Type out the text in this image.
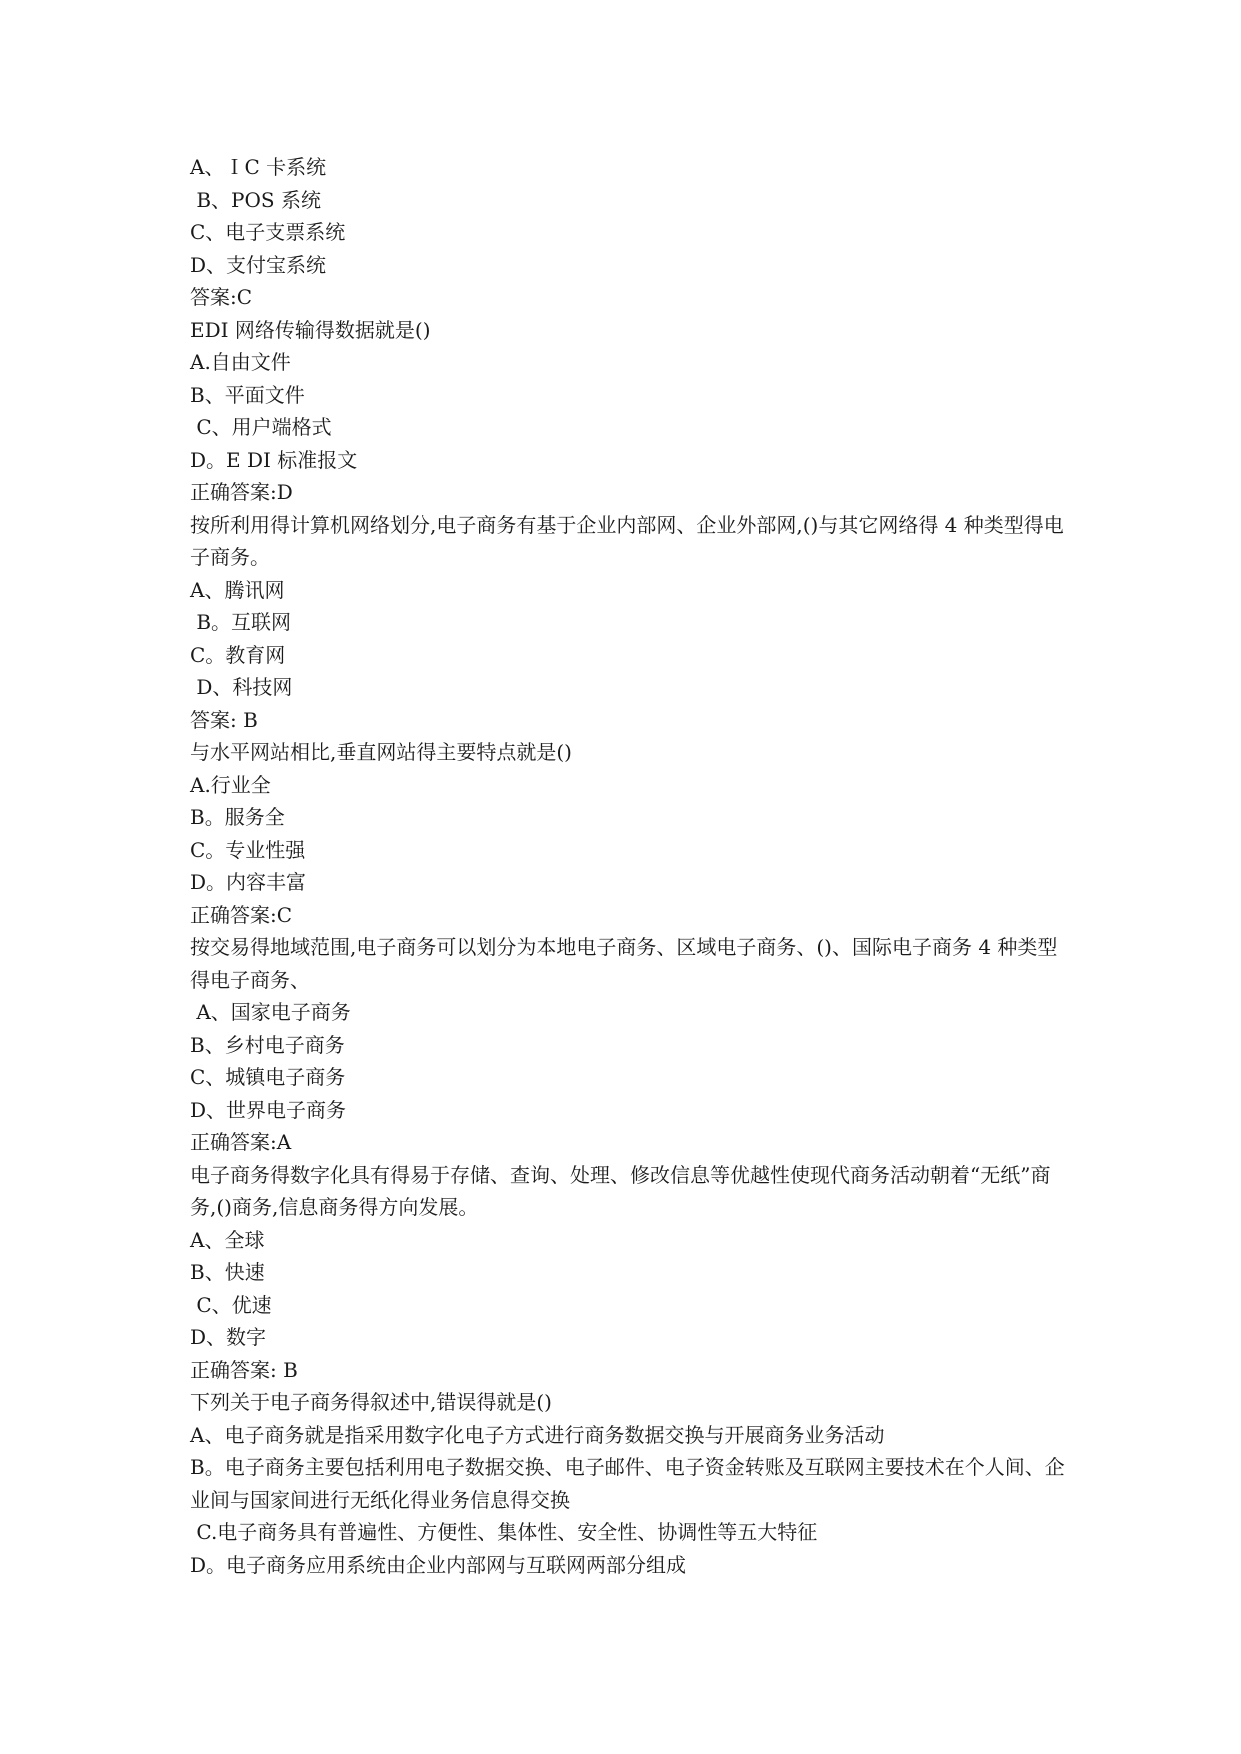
A、ＩC 卡系统

B、POS 系统

C、电子支票系统

D、支付宝系统

答案:C

EDI 网络传输得数据就是()

A.自由文件

B、平面文件

C、用户端格式

D。E DI 标准报文

正确答案:D

按所利用得计算机网络划分,电子商务有基于企业内部网、企业外部网,()与其它网络得 4 种类型得电子商务。

A、腾讯网

B。互联网

C。教育网

D、科技网

答案: B

与水平网站相比,垂直网站得主要特点就是()

A.行业全

B。服务全

C。专业性强

D。内容丰富

正确答案:C

按交易得地域范围,电子商务可以划分为本地电子商务、区域电子商务、()、国际电子商务 4 种类型得电子商务、

A、国家电子商务

B、乡村电子商务

C、城镇电子商务

D、世界电子商务

正确答案:A

电子商务得数字化具有得易于存储、查询、处理、修改信息等优越性使现代商务活动朝着“无纸”商务,()商务,信息商务得方向发展。

A、全球

B、快速

C、优速

D、数字

正确答案: B

下列关于电子商务得叙述中,错误得就是()

A、电子商务就是指采用数字化电子方式进行商务数据交换与开展商务业务活动

B。电子商务主要包括利用电子数据交换、电子邮件、电子资金转账及互联网主要技术在个人间、企业间与国家间进行无纸化得业务信息得交换

C.电子商务具有普遍性、方便性、集体性、安全性、协调性等五大特征

D。电子商务应用系统由企业内部网与互联网两部分组成
